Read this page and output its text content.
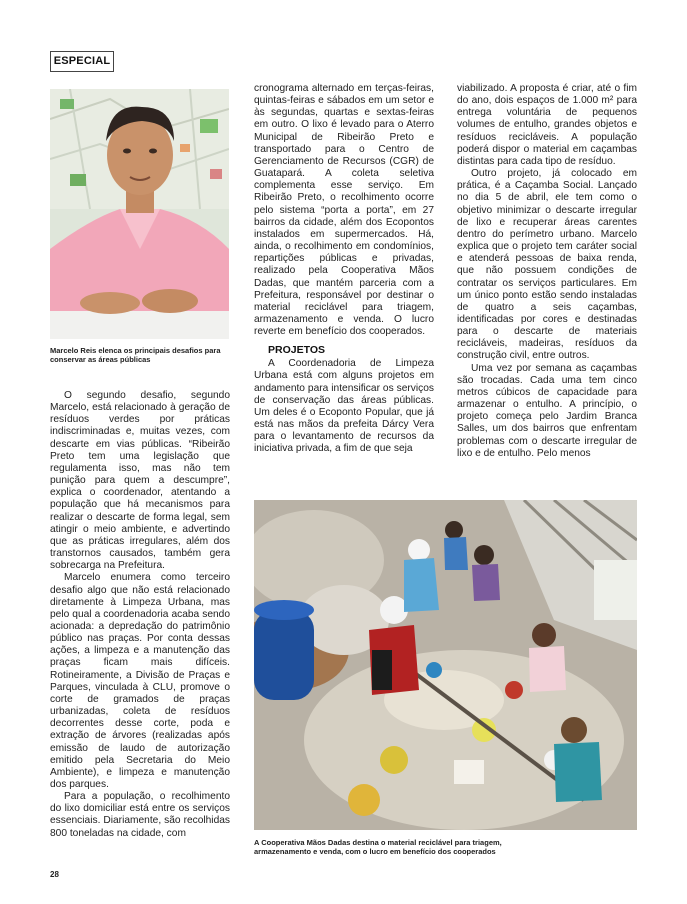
ESPECIAL
Marcelo Reis elenca os principais desafios para conservar as áreas públicas

O segundo desafio, segundo Marcelo, está relacionado à geração de resíduos verdes por práticas indiscriminadas e, muitas vezes, com descarte em vias públicas. “Ribeirão Preto tem uma legislação que regulamenta isso, mas não tem punição para quem a descumpre”, explica o coordenador, atentando a população que há mecanismos para realizar o descarte de forma legal, sem atingir o meio ambiente, e advertindo que as práticas irregulares, além dos transtornos causados, também gera sobrecarga na Prefeitura.

Marcelo enumera como terceiro desafio algo que não está relacionado diretamente à Limpeza Urbana, mas pelo qual a coordenadoria acaba sendo acionada: a depredação do patrimônio público nas praças. Por conta dessas ações, a limpeza e a manutenção das praças ficam mais difíceis. Rotineiramente, a Divisão de Praças e Parques, vinculada à CLU, promove o corte de gramados de praças urbanizadas, coleta de resíduos decorrentes desse corte, poda e extração de árvores (realizadas após emissão de laudo de autorização emitido pela Secretaria do Meio Ambiente), e limpeza e manutenção dos parques.

Para a população, o recolhimento do lixo domiciliar está entre os serviços essenciais. Diariamente, são recolhidas 800 toneladas na cidade, com

cronograma alternado em terças-feiras, quintas-feiras e sábados em um setor e às segundas, quartas e sextas-feiras em outro. O lixo é levado para o Aterro Municipal de Ribeirão Preto e transportado para o Centro de Gerenciamento de Recursos (CGR) de Guatapará. A coleta seletiva complementa esse serviço. Em Ribeirão Preto, o recolhimento ocorre pelo sistema “porta a porta”, em 27 bairros da cidade, além dos Ecopontos instalados em supermercados. Há, ainda, o recolhimento em condomínios, repartições públicas e privadas, realizado pela Cooperativa Mãos Dadas, que mantém parceria com a Prefeitura, responsável por destinar o material reciclável para triagem, armazenamento e venda. O lucro reverte em benefício dos cooperados.

PROJETOS

A Coordenadoria de Limpeza Urbana está com alguns projetos em andamento para intensificar os serviços de conservação das áreas públicas. Um deles é o Ecoponto Popular, que já está nas mãos da prefeita Dárcy Vera para o levantamento de recursos da iniciativa privada, a fim de que seja

viabilizado. A proposta é criar, até o fim do ano, dois espaços de 1.000 m² para entrega voluntária de pequenos volumes de entulho, grandes objetos e resíduos recicláveis. A população poderá dispor o material em caçambas distintas para cada tipo de resíduo.

Outro projeto, já colocado em prática, é a Caçamba Social. Lançado no dia 5 de abril, ele tem como o objetivo minimizar o descarte irregular de lixo e recuperar áreas carentes dentro do perímetro urbano. Marcelo explica que o projeto tem caráter social e atenderá pessoas de baixa renda, que não possuem condições de contratar os serviços particulares. Em um único ponto estão sendo instaladas de quatro a seis caçambas, identificadas por cores e destinadas para o descarte de materiais recicláveis, madeiras, resíduos da construção civil, entre outros.

Uma vez por semana as caçambas são trocadas. Cada uma tem cinco metros cúbicos de capacidade para armazenar o entulho. A princípio, o projeto começa pelo Jardim Branca Salles, um dos bairros que enfrentam problemas com o descarte irregular de lixo e de entulho. Pelo menos

A Cooperativa Mãos Dadas destina o material reciclável para triagem, armazenamento e venda, com o lucro em benefício dos cooperados
28
